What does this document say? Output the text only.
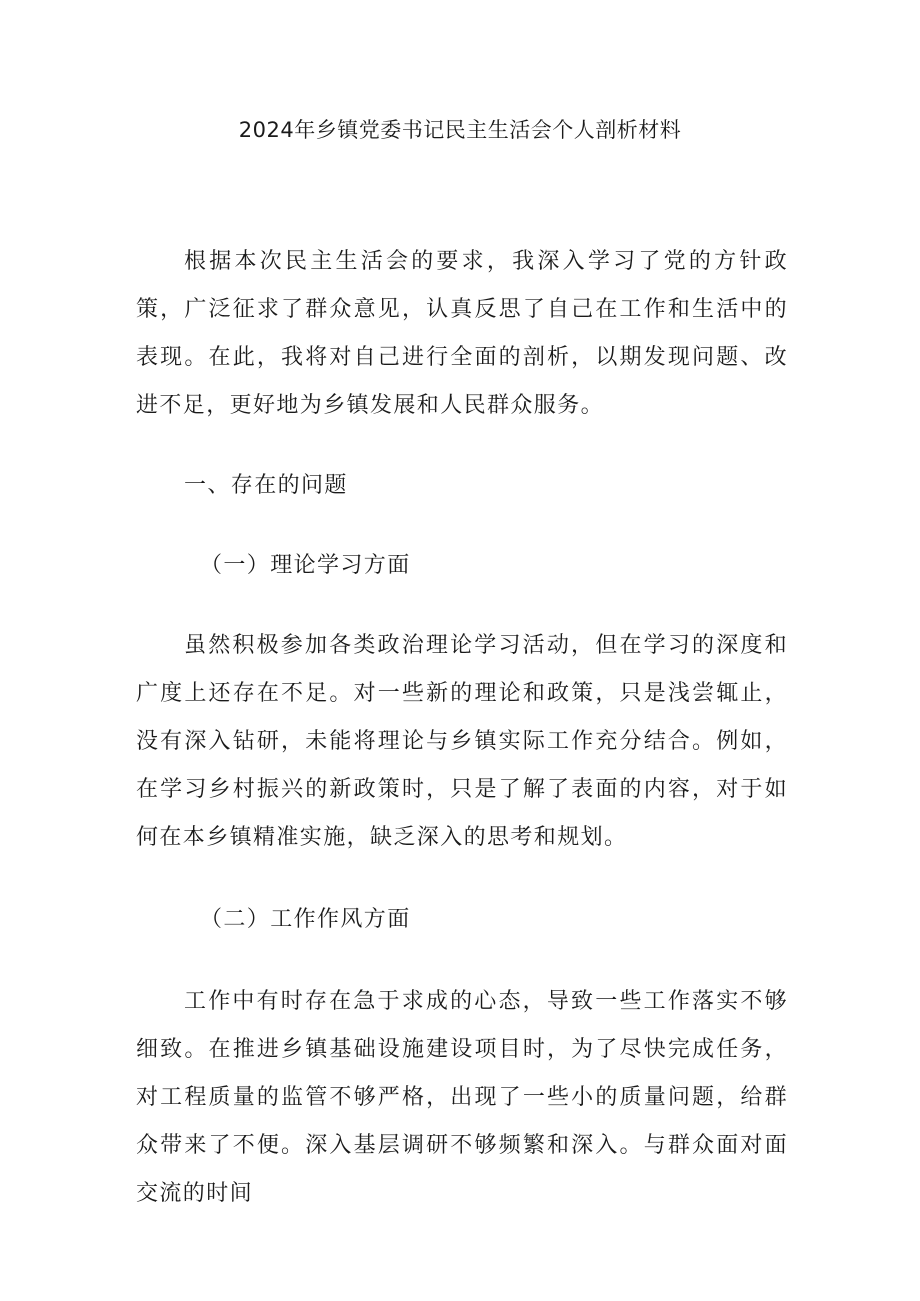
2024年乡镇党委书记民主生活会个人剖析材料

根据本次民主生活会的要求，我深入学习了党的方针政策，广泛征求了群众意见，认真反思了自己在工作和生活中的表现。在此，我将对自己进行全面的剖析，以期发现问题、改进不足，更好地为乡镇发展和人民群众服务。

一、存在的问题

（一）理论学习方面

虽然积极参加各类政治理论学习活动，但在学习的深度和广度上还存在不足。对一些新的理论和政策，只是浅尝辄止，没有深入钻研，未能将理论与乡镇实际工作充分结合。例如，在学习乡村振兴的新政策时，只是了解了表面的内容，对于如何在本乡镇精准实施，缺乏深入的思考和规划。

（二）工作作风方面

工作中有时存在急于求成的心态，导致一些工作落实不够细致。在推进乡镇基础设施建设项目时，为了尽快完成任务，对工程质量的监管不够严格，出现了一些小的质量问题，给群众带来了不便。深入基层调研不够频繁和深入。与群众面对面交流的时间
